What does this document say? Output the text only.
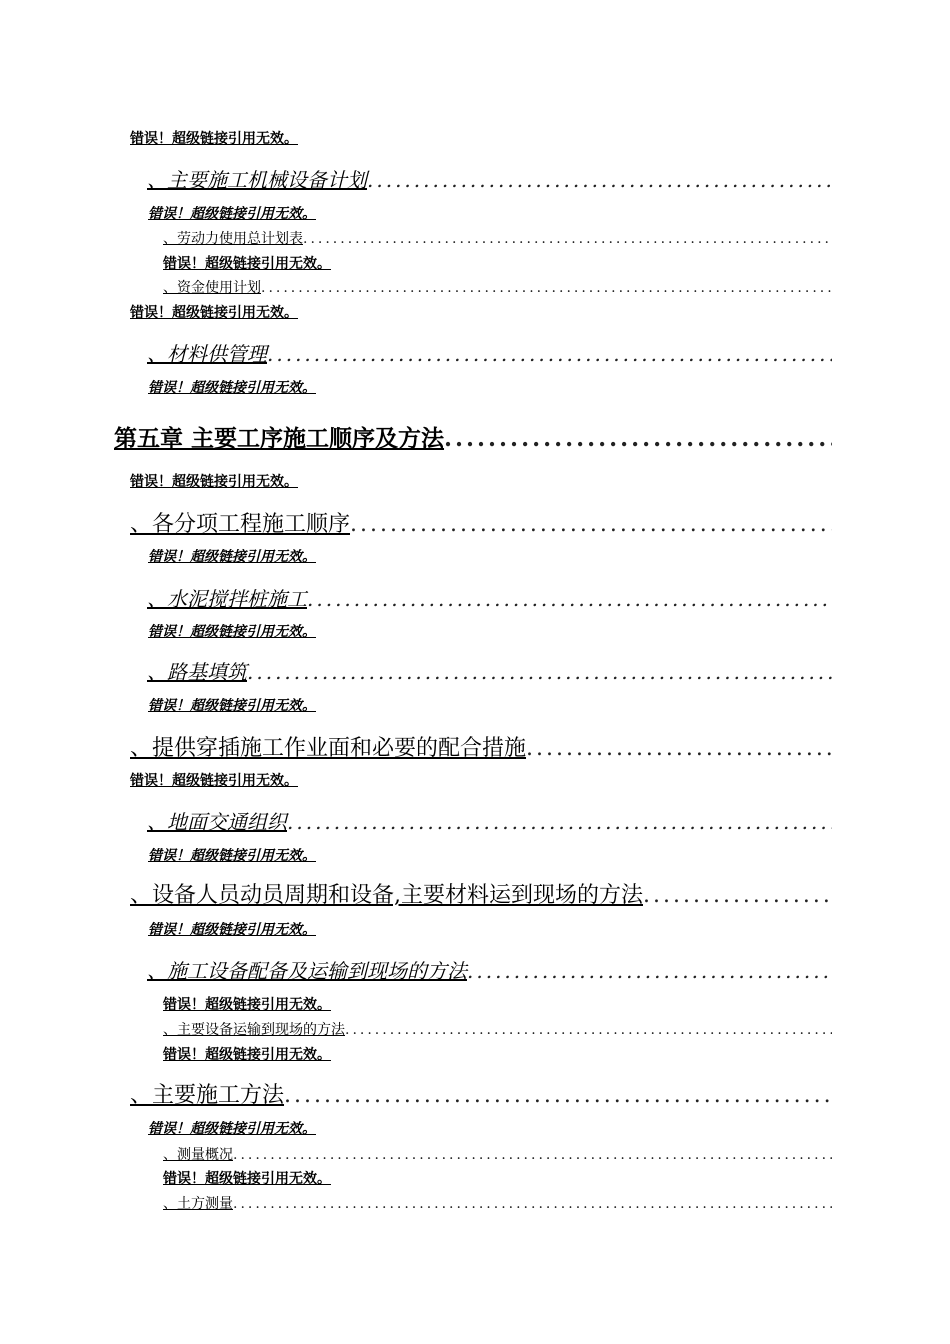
错误！超级链接引用无效。
、主要施工机械设备计划
.....
错误！超级链接引用无效。
、劳动力使用总计划表
.....
错误！超级链接引用无效。
、资金使用计划
.....
错误！超级链接引用无效。
、材料供管理
.....
错误！超级链接引用无效。
第五章 主要工序施工顺序及方法
.....
错误！超级链接引用无效。
、各分项工程施工顺序
.....
错误！超级链接引用无效。
、水泥搅拌桩施工
.....
错误！超级链接引用无效。
、路基填筑
.....
错误！超级链接引用无效。
、提供穿插施工作业面和必要的配合措施
.....
错误！超级链接引用无效。
、地面交通组织
.....
错误！超级链接引用无效。
、设备人员动员周期和设备,主要材料运到现场的方法
.....
错误！超级链接引用无效。
、施工设备配备及运输到现场的方法
.....
错误！超级链接引用无效。
、主要设备运输到现场的方法
.....
错误！超级链接引用无效。
、主要施工方法
.....
错误！超级链接引用无效。
、测量概况
.....
错误！超级链接引用无效。
、土方测量
.....
